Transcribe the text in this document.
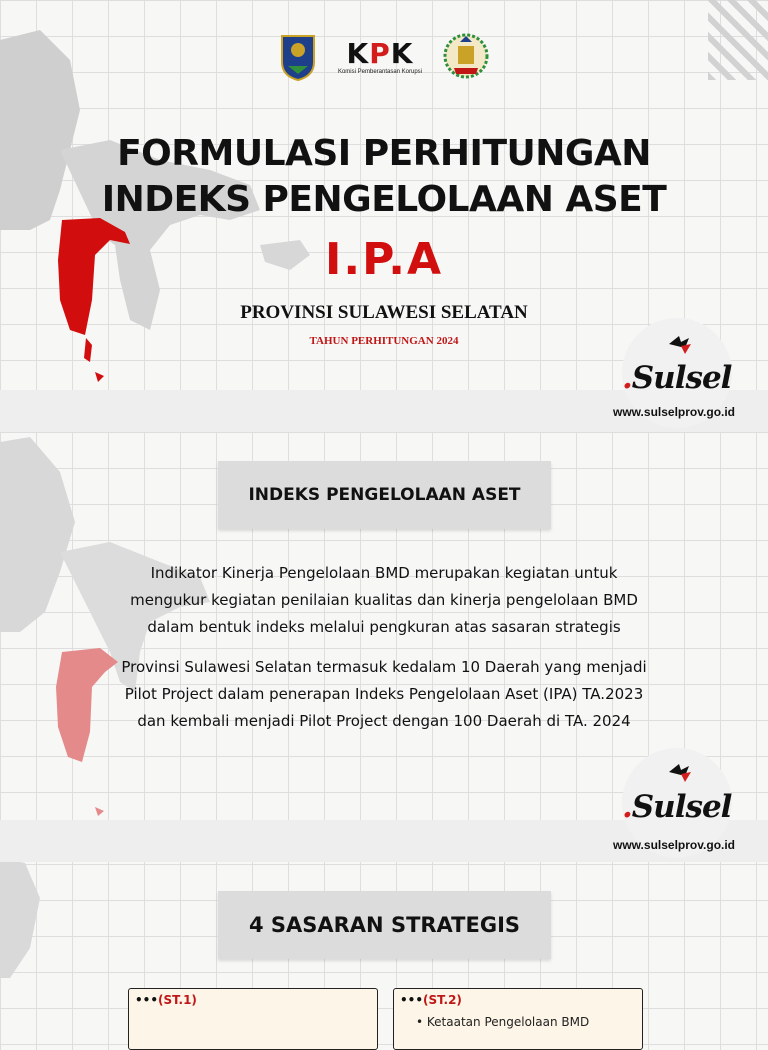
KPK
Komisi Pemberantasan Korupsi
FORMULASI PERHITUNGAN
INDEKS PENGELOLAAN ASET
I.P.A
PROVINSI SULAWESI SELATAN
TAHUN PERHITUNGAN 2024
.Sulsel
www.sulselprov.go.id
INDEKS PENGELOLAAN ASET
Indikator Kinerja Pengelolaan BMD merupakan kegiatan untuk
mengukur kegiatan penilaian kualitas dan kinerja pengelolaan BMD
dalam bentuk indeks melalui pengkuran atas sasaran strategis
Provinsi Sulawesi Selatan termasuk kedalam 10 Daerah yang menjadi
Pilot Project dalam penerapan Indeks Pengelolaan Aset (IPA) TA.2023
dan kembali menjadi Pilot Project dengan 100 Daerah di TA. 2024
.Sulsel
www.sulselprov.go.id
4 SASARAN STRATEGIS
•••(ST.1)	•••(ST.2)
• Ketaatan Pengelolaan BMD
